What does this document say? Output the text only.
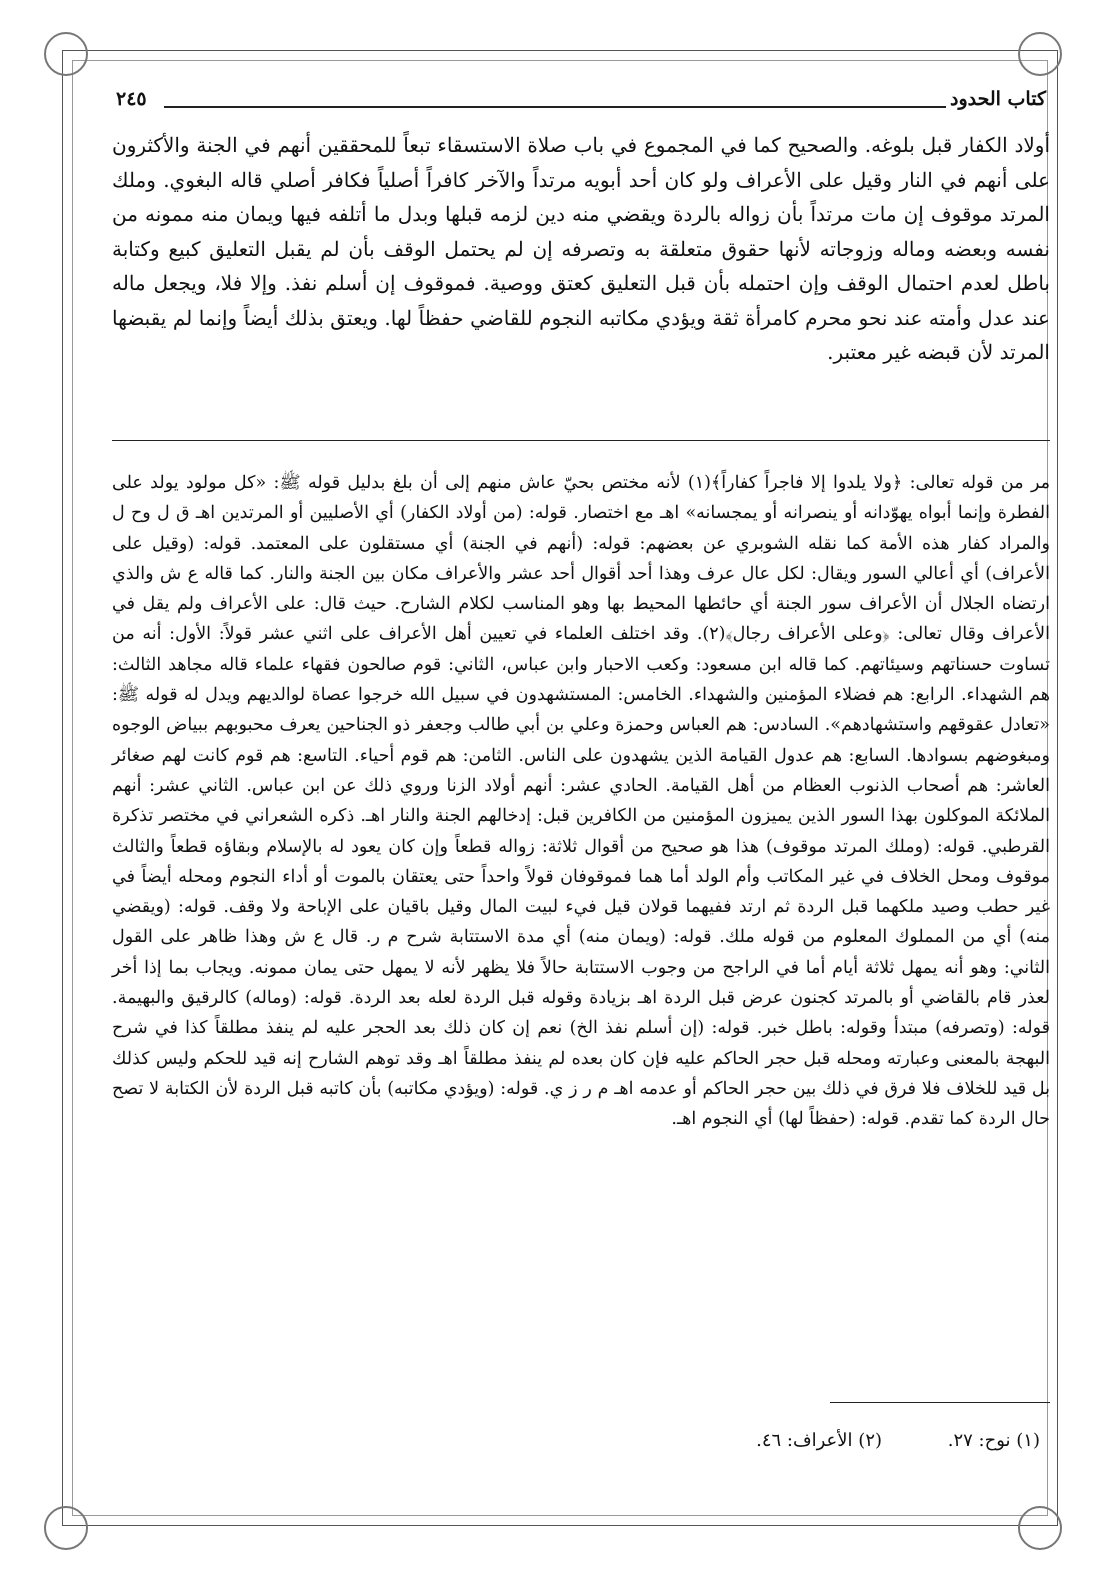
كتاب الحدود
٢٤٥
أولاد الكفار قبل بلوغه. والصحيح كما في المجموع في باب صلاة الاستسقاء تبعاً للمحققين أنهم في الجنة والأكثرون على أنهم في النار وقيل على الأعراف ولو كان أحد أبويه مرتداً والآخر كافراً أصلياً فكافر أصلي قاله البغوي. وملك المرتد موقوف إن مات مرتداً بأن زواله بالردة ويقضي منه دين لزمه قبلها وبدل ما أتلفه فيها ويمان منه ممونه من نفسه وبعضه وماله وزوجاته لأنها حقوق متعلقة به وتصرفه إن لم يحتمل الوقف بأن لم يقبل التعليق كبيع وكتابة باطل لعدم احتمال الوقف وإن احتمله بأن قبل التعليق كعتق ووصية. فموقوف إن أسلم نفذ. وإلا فلا، ويجعل ماله عند عدل وأمته عند نحو محرم كامرأة ثقة ويؤدي مكاتبه النجوم للقاضي حفظاً لها. ويعتق بذلك أيضاً وإنما لم يقبضها المرتد لأن قبضه غير معتبر.
مر من قوله تعالى: ﴿ولا يلدوا إلا فاجراً كفاراً﴾(١) لأنه مختص بحيّ عاش منهم إلى أن بلغ بدليل قوله ﷺ: «كل مولود يولد على الفطرة وإنما أبواه يهوّدانه أو ينصرانه أو يمجسانه» اهـ مع اختصار. قوله: (من أولاد الكفار) أي الأصليين أو المرتدين اهـ ق ل وح ل والمراد كفار هذه الأمة كما نقله الشوبري عن بعضهم: قوله: (أنهم في الجنة) أي مستقلون على المعتمد. قوله: (وقيل على الأعراف) أي أعالي السور ويقال: لكل عال عرف وهذا أحد أقوال أحد عشر والأعراف مكان بين الجنة والنار. كما قاله ع ش والذي ارتضاه الجلال أن الأعراف سور الجنة أي حائطها المحيط بها وهو المناسب لكلام الشارح. حيث قال: على الأعراف ولم يقل في الأعراف وقال تعالى: ﴿وعلى الأعراف رجال﴾(٢). وقد اختلف العلماء في تعيين أهل الأعراف على اثني عشر قولاً: الأول: أنه من تساوت حسناتهم وسيئاتهم. كما قاله ابن مسعود: وكعب الاحبار وابن عباس، الثاني: قوم صالحون فقهاء علماء قاله مجاهد الثالث: هم الشهداء. الرابع: هم فضلاء المؤمنين والشهداء. الخامس: المستشهدون في سبيل الله خرجوا عصاة لوالديهم ويدل له قوله ﷺ: «تعادل عقوقهم واستشهادهم». السادس: هم العباس وحمزة وعلي بن أبي طالب وجعفر ذو الجناحين يعرف محبوبهم ببياض الوجوه ومبغوضهم بسوادها. السابع: هم عدول القيامة الذين يشهدون على الناس. الثامن: هم قوم أحياء. التاسع: هم قوم كانت لهم صغائر العاشر: هم أصحاب الذنوب العظام من أهل القيامة. الحادي عشر: أنهم أولاد الزنا وروي ذلك عن ابن عباس. الثاني عشر: أنهم الملائكة الموكلون بهذا السور الذين يميزون المؤمنين من الكافرين قبل: إدخالهم الجنة والنار اهـ. ذكره الشعراني في مختصر تذكرة القرطبي. قوله: (وملك المرتد موقوف) هذا هو صحيح من أقوال ثلاثة: زواله قطعاً وإن كان يعود له بالإسلام وبقاؤه قطعاً والثالث موقوف ومحل الخلاف في غير المكاتب وأم الولد أما هما فموقوفان قولاً واحداً حتى يعتقان بالموت أو أداء النجوم ومحله أيضاً في غير حطب وصيد ملكهما قبل الردة ثم ارتد ففيهما قولان قيل فيء لبيت المال وقيل باقيان على الإباحة ولا وقف. قوله: (ويقضي منه) أي من المملوك المعلوم من قوله ملك. قوله: (ويمان منه) أي مدة الاستتابة شرح م ر. قال ع ش وهذا ظاهر على القول الثاني: وهو أنه يمهل ثلاثة أيام أما في الراجح من وجوب الاستتابة حالاً فلا يظهر لأنه لا يمهل حتى يمان ممونه. ويجاب بما إذا أخر لعذر قام بالقاضي أو بالمرتد كجنون عرض قبل الردة اهـ بزيادة وقوله قبل الردة لعله بعد الردة. قوله: (وماله) كالرقيق والبهيمة. قوله: (وتصرفه) مبتدأ وقوله: باطل خبر. قوله: (إن أسلم نفذ الخ) نعم إن كان ذلك بعد الحجر عليه لم ينفذ مطلقاً كذا في شرح البهجة بالمعنى وعبارته ومحله قبل حجر الحاكم عليه فإن كان بعده لم ينفذ مطلقاً اهـ وقد توهم الشارح إنه قيد للحكم وليس كذلك بل قيد للخلاف فلا فرق في ذلك بين حجر الحاكم أو عدمه اهـ م ر ز ي. قوله: (ويؤدي مكاتبه) بأن كاتبه قبل الردة لأن الكتابة لا تصح حال الردة كما تقدم. قوله: (حفظاً لها) أي النجوم اهـ.
(١) نوح: ٢٧. (٢) الأعراف: ٤٦.
